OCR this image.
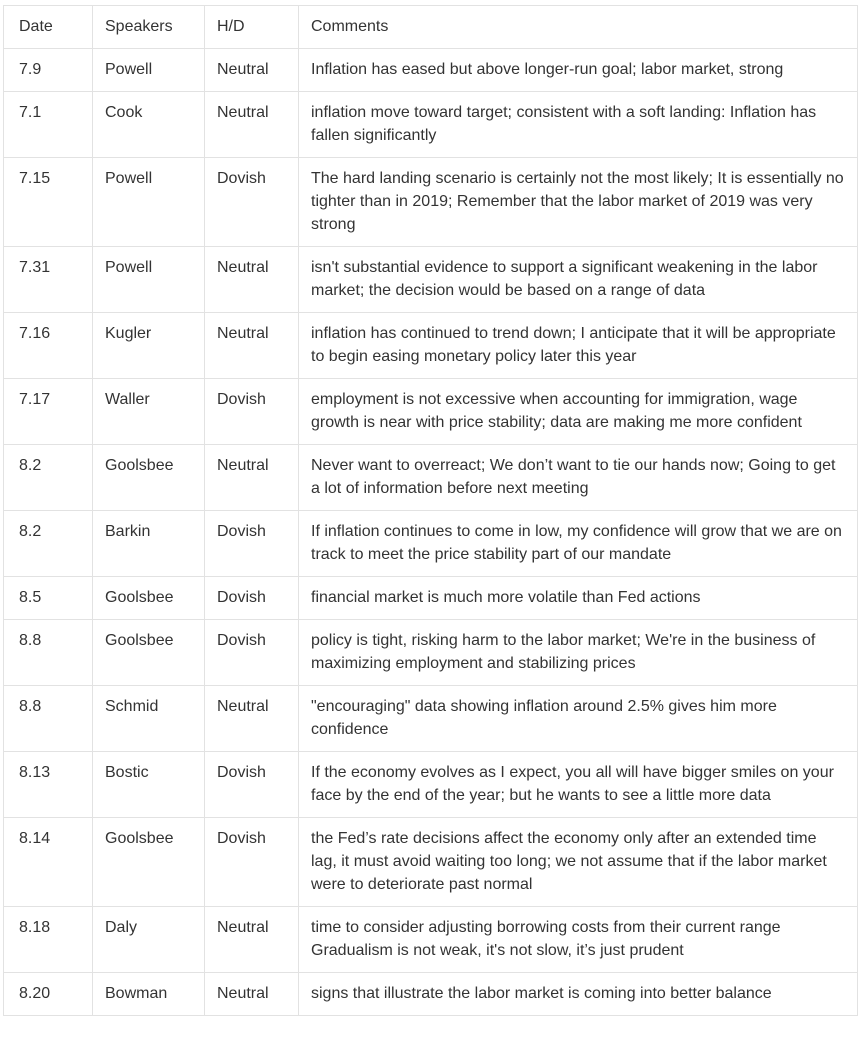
Date	Speakers	H/D	Comments
7.9	Powell	Neutral	Inflation has eased but above longer-run goal; labor market, strong
7.1	Cook	Neutral	inflation move toward target; consistent with a soft landing: Inflation has fallen significantly
7.15	Powell	Dovish	The hard landing scenario is certainly not the most likely; It is essentially no tighter than in 2019; Remember that the labor market of 2019 was very strong
7.31	Powell	Neutral	isn't substantial evidence to support a significant weakening in the labor market; the decision would be based on a range of data
7.16	Kugler	Neutral	inflation has continued to trend down; I anticipate that it will be appropriate to begin easing monetary policy later this year
7.17	Waller	Dovish	employment is not excessive when accounting for immigration, wage growth is near with price stability; data are making me more confident
8.2	Goolsbee	Neutral	Never want to overreact; We don’t want to tie our hands now; Going to get a lot of information before next meeting
8.2	Barkin	Dovish	If inflation continues to come in low, my confidence will grow that we are on track to meet the price stability part of our mandate
8.5	Goolsbee	Dovish	financial market is much more volatile than Fed actions
8.8	Goolsbee	Dovish	policy is tight, risking harm to the labor market; We're in the business of maximizing employment and stabilizing prices
8.8	Schmid	Neutral	"encouraging" data showing inflation around 2.5% gives him more confidence
8.13	Bostic	Dovish	If the economy evolves as I expect, you all will have bigger smiles on your face by the end of the year; but he wants to see a little more data
8.14	Goolsbee	Dovish	the Fed’s rate decisions affect the economy only after an extended time lag, it must avoid waiting too long; we not assume that if the labor market were to deteriorate past normal
8.18	Daly	Neutral	time to consider adjusting borrowing costs from their current range Gradualism is not weak, it's not slow, it’s just prudent
8.20	Bowman	Neutral	signs that illustrate the labor market is coming into better balance
